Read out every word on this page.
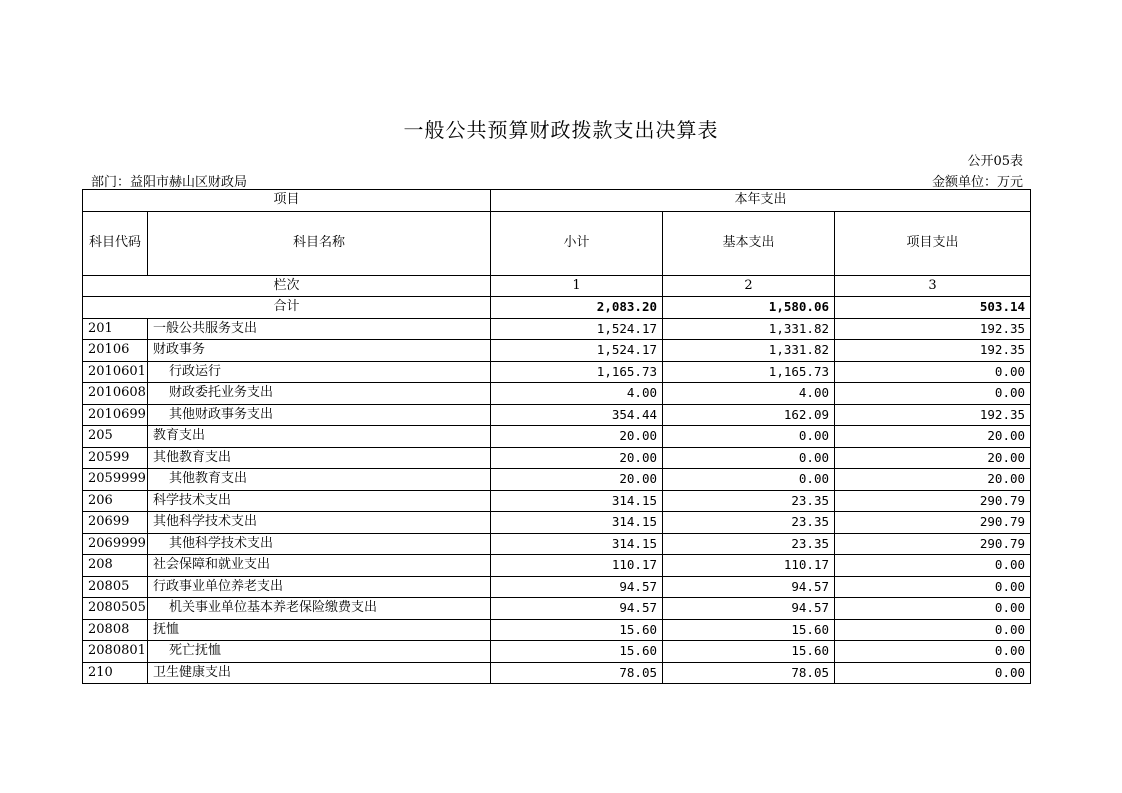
一般公共预算财政拨款支出决算表
公开05表
部门：益阳市赫山区财政局	金额单位：万元
项目		本年支出		
科目代码	科目名称	小计	基本支出	项目支出
栏次		1	2	3
合计		2,083.20	1,580.06	503.14
201	一般公共服务支出	1,524.17	1,331.82	192.35
20106	财政事务	1,524.17	1,331.82	192.35
2010601	行政运行	1,165.73	1,165.73	0.00
2010608	财政委托业务支出	4.00	4.00	0.00
2010699	其他财政事务支出	354.44	162.09	192.35
205	教育支出	20.00	0.00	20.00
20599	其他教育支出	20.00	0.00	20.00
2059999	其他教育支出	20.00	0.00	20.00
206	科学技术支出	314.15	23.35	290.79
20699	其他科学技术支出	314.15	23.35	290.79
2069999	其他科学技术支出	314.15	23.35	290.79
208	社会保障和就业支出	110.17	110.17	0.00
20805	行政事业单位养老支出	94.57	94.57	0.00
2080505	机关事业单位基本养老保险缴费支出	94.57	94.57	0.00
20808	抚恤	15.60	15.60	0.00
2080801	死亡抚恤	15.60	15.60	0.00
210	卫生健康支出	78.05	78.05	0.00
